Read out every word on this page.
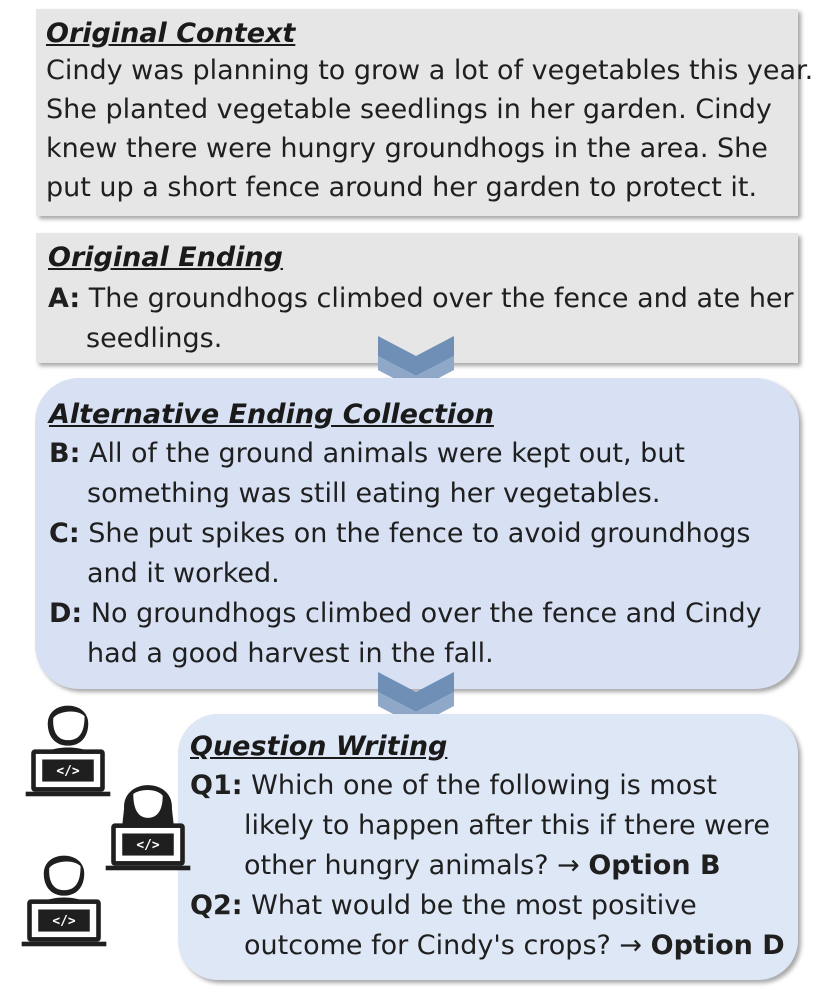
Original Context

Cindy was planning to grow a lot of vegetables this year.

She planted vegetable seedlings in her garden. Cindy

knew there were hungry groundhogs in the area. She

put up a short fence around her garden to protect it.

Original Ending
A: The groundhogs climbed over the fence and ate her
seedlings.
Alternative Ending Collection
B: All of the ground animals were kept out, but
something was still eating her vegetables.
C: She put spikes on the fence to avoid groundhogs
and it worked.
D: No groundhogs climbed over the fence and Cindy
had a good harvest in the fall.
Question Writing
Q1: Which one of the following is most
likely to happen after this if there were
other hungry animals? → Option B
Q2: What would be the most positive
outcome for Cindy's crops? → Option D
</>
</>
</>
